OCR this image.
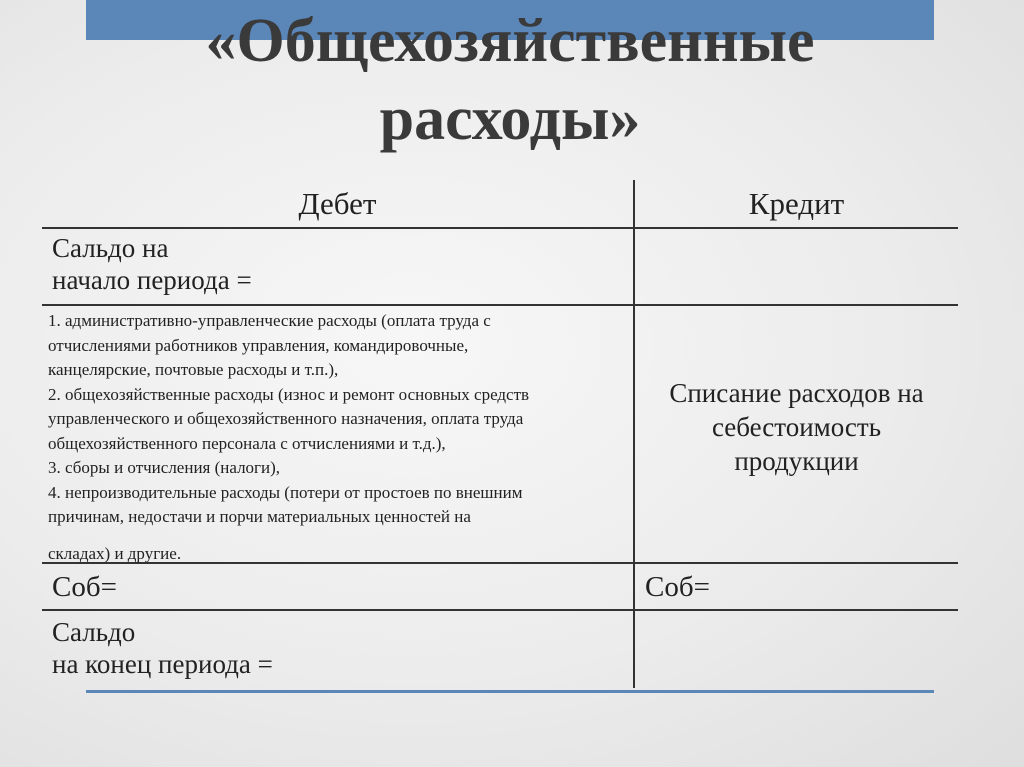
«Общехозяйственные расходы»
Дебет	Кредит
Сальдо на
начало периода =
1. административно-управленческие расходы (оплата труда с
отчислениями работников управления, командировочные,
канцелярские, почтовые расходы и т.п.),
2. общехозяйственные расходы (износ и ремонт основных средств
управленческого и общехозяйственного назначения, оплата труда
общехозяйственного персонала с отчислениями и т.д.),
3. сборы и отчисления (налоги),
4. непроизводительные расходы (потери от простоев по внешним
причинам, недостачи и порчи материальных ценностей на
складах) и другие.
Списание расходов на
себестоимость
продукции
Соб=	Соб=
Сальдо
на конец периода =
